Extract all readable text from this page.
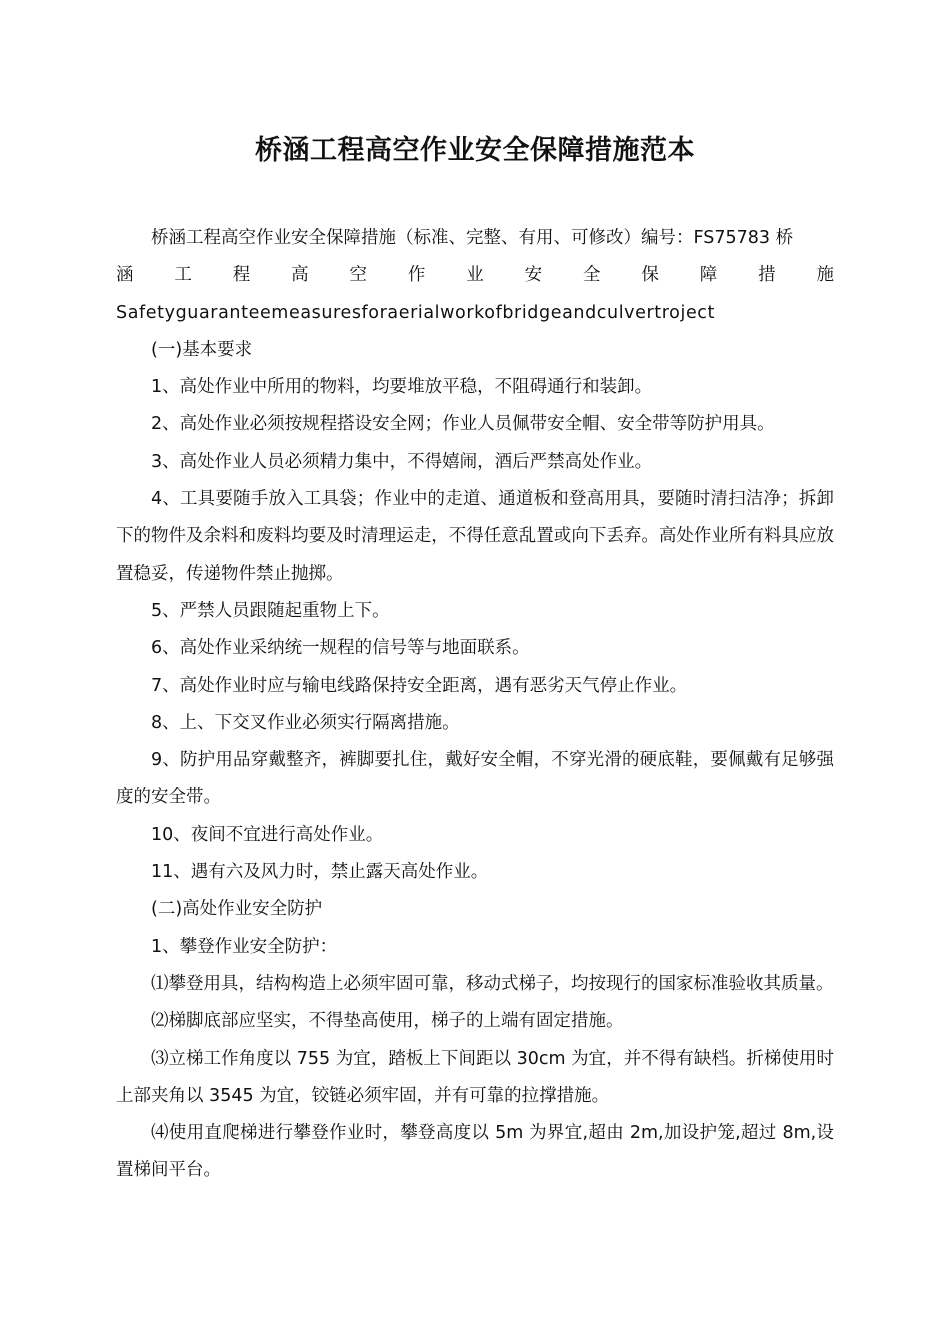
桥涵工程高空作业安全保障措施范本

桥涵工程高空作业安全保障措施（标准、完整、有用、可修改）编号：FS75783 桥

涵 工 程 高 空 作 业 安 全 保 障 措 施

Safetyguaranteemeasuresforaerialworkofbridgeandculvertroject

(一)基本要求

1、高处作业中所用的物料，均要堆放平稳，不阻碍通行和装卸。

2、高处作业必须按规程搭设安全网；作业人员佩带安全帽、安全带等防护用具。

3、高处作业人员必须精力集中，不得嬉闹，酒后严禁高处作业。

4、工具要随手放入工具袋；作业中的走道、通道板和登高用具，要随时清扫洁净；拆卸下的物件及余料和废料均要及时清理运走，不得任意乱置或向下丢弃。高处作业所有料具应放置稳妥，传递物件禁止抛掷。

5、严禁人员跟随起重物上下。

6、高处作业采纳统一规程的信号等与地面联系。

7、高处作业时应与输电线路保持安全距离，遇有恶劣天气停止作业。

8、上、下交叉作业必须实行隔离措施。

9、防护用品穿戴整齐，裤脚要扎住，戴好安全帽，不穿光滑的硬底鞋，要佩戴有足够强度的安全带。

10、夜间不宜进行高处作业。

11、遇有六及风力时，禁止露天高处作业。

(二)高处作业安全防护

1、攀登作业安全防护：

⑴攀登用具，结构构造上必须牢固可靠，移动式梯子，均按现行的国家标准验收其质量。

⑵梯脚底部应坚实，不得垫高使用，梯子的上端有固定措施。

⑶立梯工作角度以 755 为宜，踏板上下间距以 30cm 为宜，并不得有缺档。折梯使用时上部夹角以 3545 为宜，铰链必须牢固，并有可靠的拉撑措施。

⑷使用直爬梯进行攀登作业时，攀登高度以 5m 为界宜,超由 2m,加设护笼,超过 8m,设置梯间平台。
